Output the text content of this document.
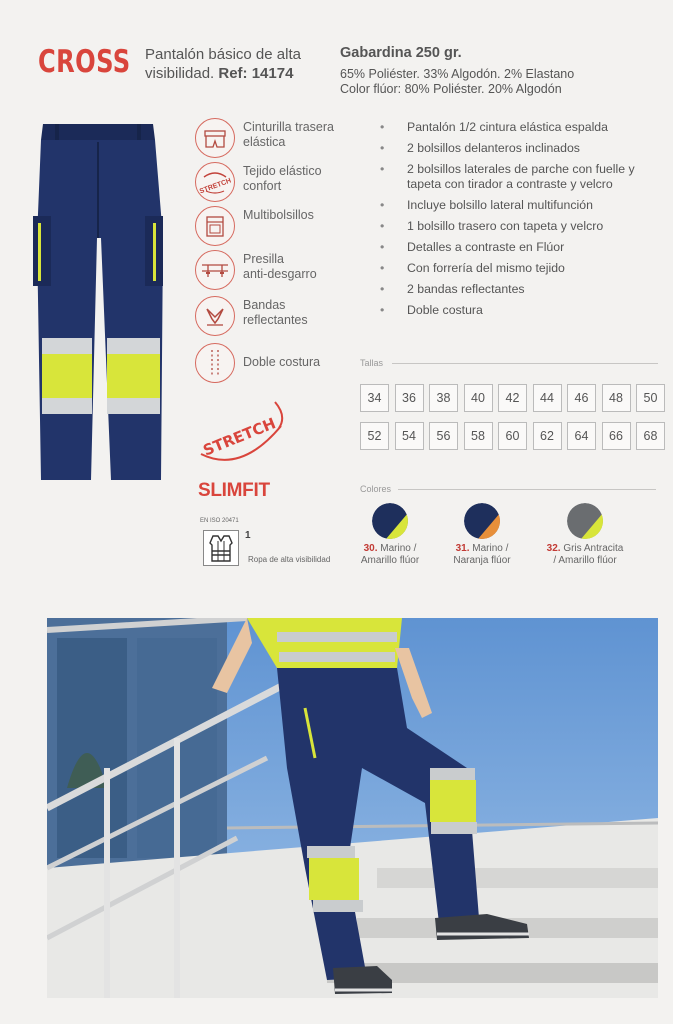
CROSS Pantalón básico de alta
visibilidad. Ref: 14174
Gabardina 250 gr.
65% Poliéster. 33% Algodón. 2% Elastano
Color flúor: 80% Poliéster. 20% Algodón
Cinturilla trasera
elástica
STRETCH
Tejido elástico
confort
Multibolsillos
Presilla
anti-desgarro
Bandas
reflectantes
Doble costura
• Pantalón 1/2 cintura elástica espalda
• 2 bolsillos delanteros inclinados
• 2 bolsillos laterales de parche con fuelle y tapeta con tirador a contraste y velcro
• Incluye bolsillo lateral multifunción
• 1 bolsillo trasero con tapeta y velcro
• Detalles a contraste en Flúor
• Con forrería del mismo tejido
• 2 bandas reflectantes
• Doble costura
Tallas
34	36	38	40	42	44	46	48	50
52	54	56	58	60	62	64	66	68
Colores
30. Marino /
Amarillo flúor
31. Marino /
Naranja flúor
32. Gris Antracita
/ Amarillo flúor
STRETCH
SLIMFIT
EN ISO 20471
1
Ropa de alta visibilidad
